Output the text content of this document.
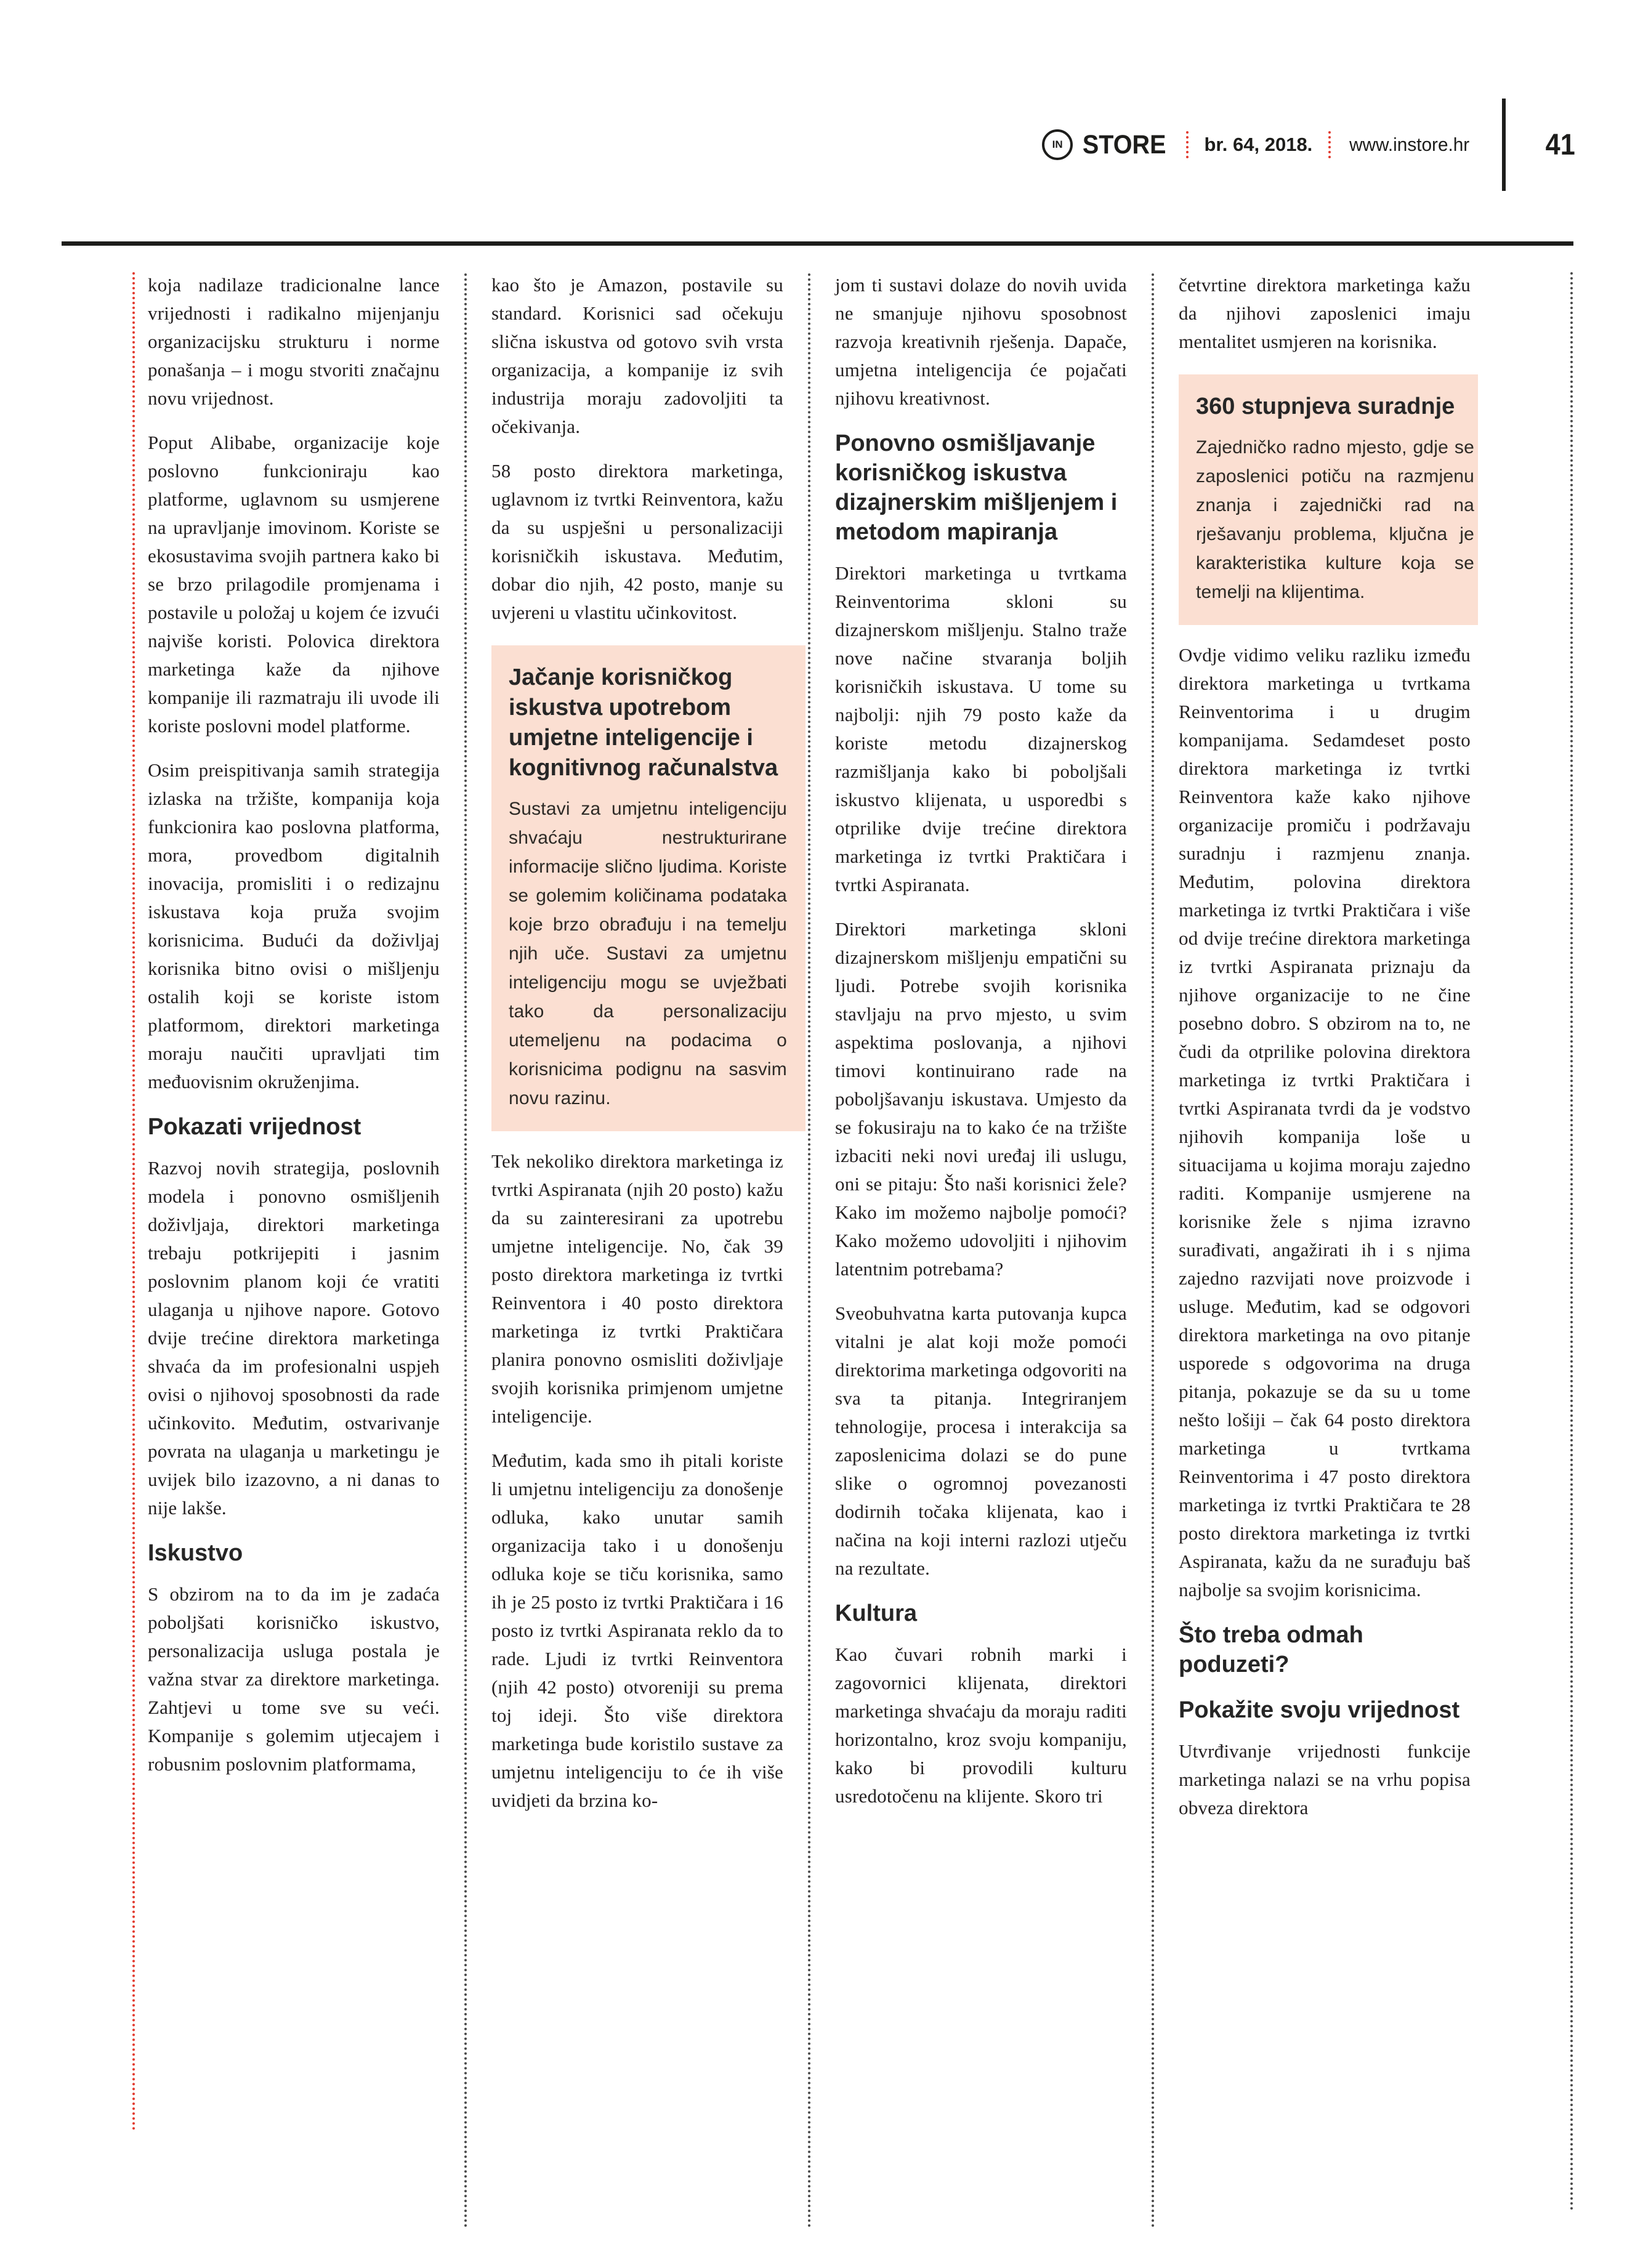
IN STORE br. 64, 2018. www.instore.hr	41

koja nadilaze tradicionalne lance vrijednosti i radikalno mijenjanju organizacijsku strukturu i norme ponašanja – i mogu stvoriti značajnu novu vrijednost.

Poput Alibabe, organizacije koje poslovno funkcioniraju kao platforme, uglavnom su usmjerene na upravljanje imovinom. Koriste se ekosustavima svojih partnera kako bi se brzo prilagodile promjenama i postavile u položaj u kojem će izvući najviše koristi. Polovica direktora marketinga kaže da njihove kompanije ili razmatraju ili uvode ili koriste poslovni model platforme.

Osim preispitivanja samih strategija izlaska na tržište, kompanija koja funkcionira kao poslovna platforma, mora, provedbom digitalnih inovacija, promisliti i o redizajnu iskustava koja pruža svojim korisnicima. Budući da doživljaj korisnika bitno ovisi o mišljenju ostalih koji se koriste istom platformom, direktori marketinga moraju naučiti upravljati tim međuovisnim okruženjima.

Pokazati vrijednost

Razvoj novih strategija, poslovnih modela i ponovno osmišljenih doživljaja, direktori marketinga trebaju potkrijepiti i jasnim poslovnim planom koji će vratiti ulaganja u njihove napore. Gotovo dvije trećine direktora marketinga shvaća da im profesionalni uspjeh ovisi o njihovoj sposobnosti da rade učinkovito. Međutim, ostvarivanje povrata na ulaganja u marketingu je uvijek bilo izazovno, a ni danas to nije lakše.

Iskustvo

S obzirom na to da im je zadaća poboljšati korisničko iskustvo, personalizacija usluga postala je važna stvar za direktore marketinga. Zahtjevi u tome sve su veći. Kompanije s golemim utjecajem i robusnim poslovnim platformama,

kao što je Amazon, postavile su standard. Korisnici sad očekuju slična iskustva od gotovo svih vrsta organizacija, a kompanije iz svih industrija moraju zadovoljiti ta očekivanja.

58 posto direktora marketinga, uglavnom iz tvrtki Reinventora, kažu da su uspješni u personalizaciji korisničkih iskustava. Međutim, dobar dio njih, 42 posto, manje su uvjereni u vlastitu učinkovitost.

Jačanje korisničkog iskustva upotrebom umjetne inteligencije i kognitivnog računalstva

Sustavi za umjetnu inteligenciju shvaćaju nestrukturirane informacije slično ljudima. Koriste se golemim količinama podataka koje brzo obrađuju i na temelju njih uče. Sustavi za umjetnu inteligenciju mogu se uvježbati tako da personalizaciju utemeljenu na podacima o korisnicima podignu na sasvim novu razinu.

Tek nekoliko direktora marketinga iz tvrtki Aspiranata (njih 20 posto) kažu da su zainteresirani za upotrebu umjetne inteligencije. No, čak 39 posto direktora marketinga iz tvrtki Reinventora i 40 posto direktora marketinga iz tvrtki Praktičara planira ponovno osmisliti doživljaje svojih korisnika primjenom umjetne inteligencije.

Međutim, kada smo ih pitali koriste li umjetnu inteligenciju za donošenje odluka, kako unutar samih organizacija tako i u donošenju odluka koje se tiču korisnika, samo ih je 25 posto iz tvrtki Praktičara i 16 posto iz tvrtki Aspiranata reklo da to rade. Ljudi iz tvrtki Reinventora (njih 42 posto) otvoreniji su prema toj ideji. Što više direktora marketinga bude koristilo sustave za umjetnu inteligenciju to će ih više uvidjeti da brzina ko-

jom ti sustavi dolaze do novih uvida ne smanjuje njihovu sposobnost razvoja kreativnih rješenja. Dapače, umjetna inteligencija će pojačati njihovu kreativnost.

Ponovno osmišljavanje korisničkog iskustva dizajnerskim mišljenjem i metodom mapiranja

Direktori marketinga u tvrtkama Reinventorima skloni su dizajnerskom mišljenju. Stalno traže nove načine stvaranja boljih korisničkih iskustava. U tome su najbolji: njih 79 posto kaže da koriste metodu dizajnerskog razmišljanja kako bi poboljšali iskustvo klijenata, u usporedbi s otprilike dvije trećine direktora marketinga iz tvrtki Praktičara i tvrtki Aspiranata.

Direktori marketinga skloni dizajnerskom mišljenju empatični su ljudi. Potrebe svojih korisnika stavljaju na prvo mjesto, u svim aspektima poslovanja, a njihovi timovi kontinuirano rade na poboljšavanju iskustava. Umjesto da se fokusiraju na to kako će na tržište izbaciti neki novi uređaj ili uslugu, oni se pitaju: Što naši korisnici žele? Kako im možemo najbolje pomoći? Kako možemo udovoljiti i njihovim latentnim potrebama?

Sveobuhvatna karta putovanja kupca vitalni je alat koji može pomoći direktorima marketinga odgovoriti na sva ta pitanja. Integriranjem tehnologije, procesa i interakcija sa zaposlenicima dolazi se do pune slike o ogromnoj povezanosti dodirnih točaka klijenata, kao i načina na koji interni razlozi utječu na rezultate.

Kultura

Kao čuvari robnih marki i zagovornici klijenata, direktori marketinga shvaćaju da moraju raditi horizontalno, kroz svoju kompaniju, kako bi provodili kulturu usredotočenu na klijente. Skoro tri

četvrtine direktora marketinga kažu da njihovi zaposlenici imaju mentalitet usmjeren na korisnika.

360 stupnjeva suradnje

Zajedničko radno mjesto, gdje se zaposlenici potiču na razmjenu znanja i zajednički rad na rješavanju problema, ključna je karakteristika kulture koja se temelji na klijentima.

Ovdje vidimo veliku razliku između direktora marketinga u tvrtkama Reinventorima i u drugim kompanijama. Sedamdeset posto direktora marketinga iz tvrtki Reinventora kaže kako njihove organizacije promiču i podržavaju suradnju i razmjenu znanja. Međutim, polovina direktora marketinga iz tvrtki Praktičara i više od dvije trećine direktora marketinga iz tvrtki Aspiranata priznaju da njihove organizacije to ne čine posebno dobro. S obzirom na to, ne čudi da otprilike polovina direktora marketinga iz tvrtki Praktičara i tvrtki Aspiranata tvrdi da je vodstvo njihovih kompanija loše u situacijama u kojima moraju zajedno raditi. Kompanije usmjerene na korisnike žele s njima izravno surađivati, angažirati ih i s njima zajedno razvijati nove proizvode i usluge. Međutim, kad se odgovori direktora marketinga na ovo pitanje usporede s odgovorima na druga pitanja, pokazuje se da su u tome nešto lošiji – čak 64 posto direktora marketinga u tvrtkama Reinventorima i 47 posto direktora marketinga iz tvrtki Praktičara te 28 posto direktora marketinga iz tvrtki Aspiranata, kažu da ne surađuju baš najbolje sa svojim korisnicima.

Što treba odmah poduzeti?
Pokažite svoju vrijednost

Utvrđivanje vrijednosti funkcije marketinga nalazi se na vrhu popisa obveza direktora
